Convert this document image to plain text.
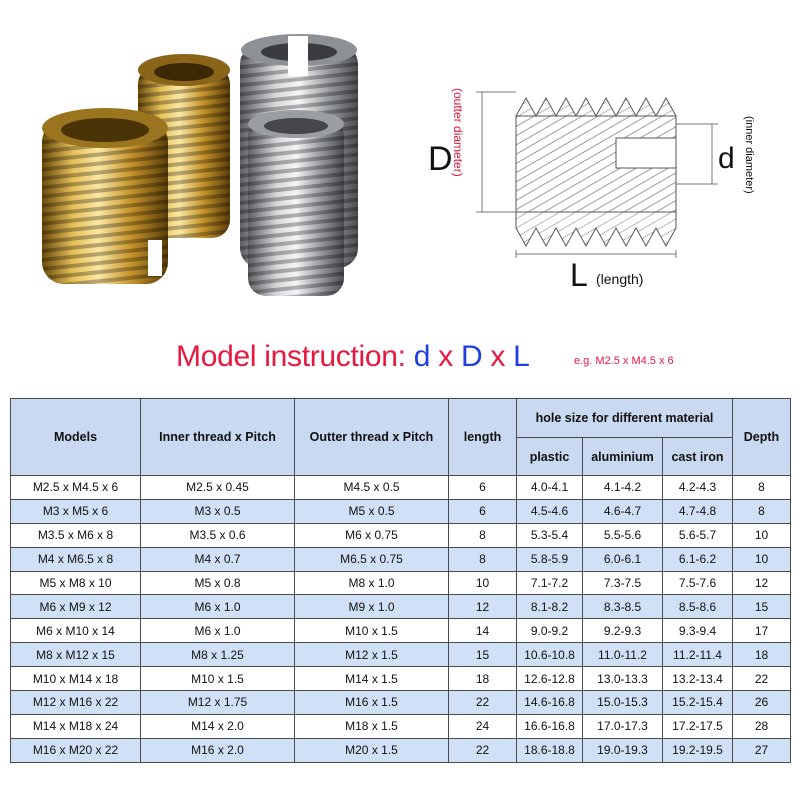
D
(outter diameter)	d (inner diameter)
L (length)
Model instruction: d x D x L	e.g. M2.5 x M4.5 x 6
Models	Inner thread x Pitch	Outter thread x Pitch	length	hole size for different material			Depth
				plastic	aluminium	cast iron	
M2.5 x M4.5 x 6	M2.5 x 0.45	M4.5 x 0.5	6	4.0-4.1	4.1-4.2	4.2-4.3	8
M3 x M5 x 6	M3 x 0.5	M5 x 0.5	6	4.5-4.6	4.6-4.7	4.7-4.8	8
M3.5 x M6 x 8	M3.5 x 0.6	M6 x 0.75	8	5.3-5.4	5.5-5.6	5.6-5.7	10
M4 x M6.5 x 8	M4 x 0.7	M6.5 x 0.75	8	5.8-5.9	6.0-6.1	6.1-6.2	10
M5 x M8 x 10	M5 x 0.8	M8 x 1.0	10	7.1-7.2	7.3-7.5	7.5-7.6	12
M6 x M9 x 12	M6 x 1.0	M9 x 1.0	12	8.1-8.2	8.3-8.5	8.5-8.6	15
M6 x M10 x 14	M6 x 1.0	M10 x 1.5	14	9.0-9.2	9.2-9.3	9.3-9.4	17
M8 x M12 x 15	M8 x 1.25	M12 x 1.5	15	10.6-10.8	11.0-11.2	11.2-11.4	18
M10 x M14 x 18	M10 x 1.5	M14 x 1.5	18	12.6-12.8	13.0-13.3	13.2-13.4	22
M12 x M16 x 22	M12 x 1.75	M16 x 1.5	22	14.6-16.8	15.0-15.3	15.2-15.4	26
M14 x M18 x 24	M14 x 2.0	M18 x 1.5	24	16.6-16.8	17.0-17.3	17.2-17.5	28
M16 x M20 x 22	M16 x 2.0	M20 x 1.5	22	18.6-18.8	19.0-19.3	19.2-19.5	27
